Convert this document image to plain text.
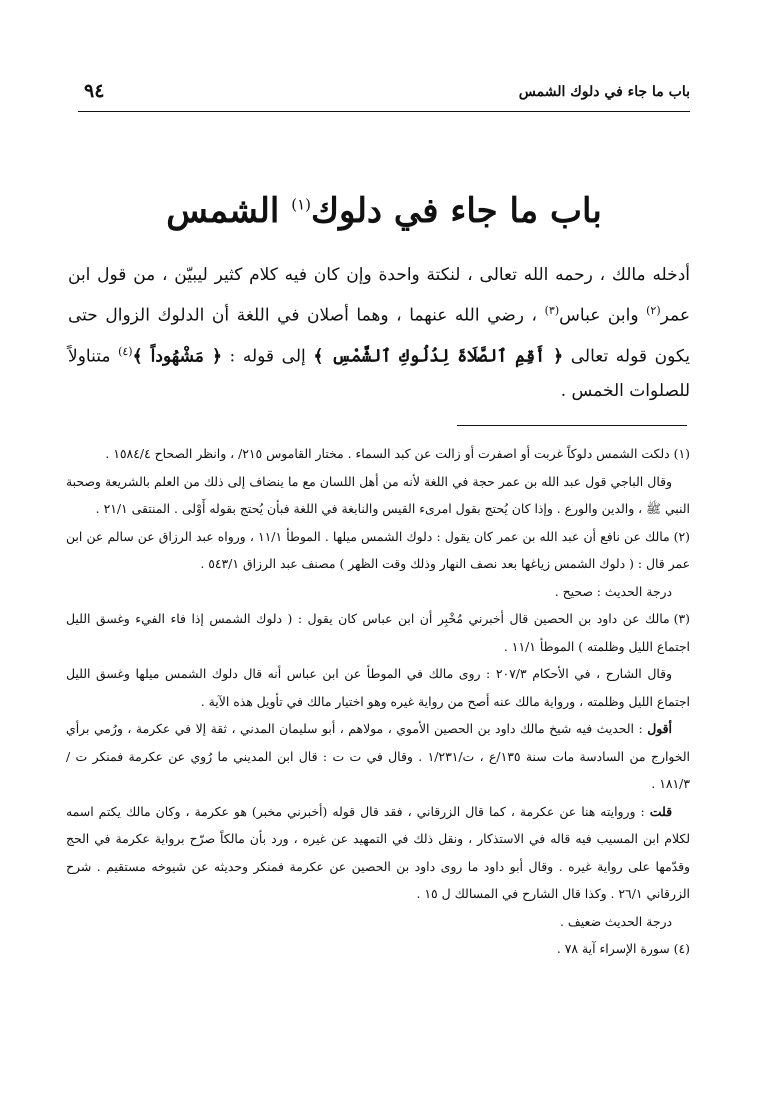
باب ما جاء في دلوك الشمس
٩٤
باب ما جاء في دلوك$^{(١)}$ الشمس

أدخله مالك ، رحمه الله تعالى ، لنكتة واحدة وإن كان فيه كلام كثير ليبيّن ، من قول ابن عمر$^{(٢)}$ وابن عباس$^{(٣)}$ ، رضي الله عنهما ، وهما أصلان في اللغة أن الدلوك الزوال حتى يكون قوله تعالى ﴿ أَقِمِ ٱلصَّلَاةَ لِدُلُوكِ ٱلشَّمْسِ ﴾ إلى قوله : ﴿ مَشْهُوداً ﴾$^{(٤)}$ متناولاً للصلوات الخمس .

(١)دلكت الشمس دلوكاً غربت أو اصفرت أو زالت عن كبد السماء . مختار القاموس ٢١٥/ ، وانظر الصحاح ١٥٨٤/٤ .

وقال الباجي قول عبد الله بن عمر حجة في اللغة لأنه من أهل اللسان مع ما ينضاف إلى ذلك من العلم بالشريعة وصحبة النبي ﷺ ، والدين والورع . وإذا كان يُحتج بقول امرىء القيس والنابغة في اللغة فبأن يُحتج بقوله أَوْلى . المنتقى ٢١/١ .

(٢)مالك عن نافع أن عبد الله بن عمر كان يقول : دلوك الشمس ميلها . الموطأ ١١/١ ، ورواه عبد الرزاق عن سالم عن ابن عمر قال : ( دلوك الشمس زياغها بعد نصف النهار وذلك وقت الظهر ) مصنف عبد الرزاق ٥٤٣/١ .

درجة الحديث : صحيح .

(٣)مالك عن داود بن الحصين قال أخبرني مُخْبِر أن ابن عباس كان يقول : ( دلوك الشمس إذا فاء الفيء وغسق الليل اجتماع الليل وظلمته ) الموطأ ١١/١ .

وقال الشارح ، في الأحكام ٢٠٧/٣ : روى مالك في الموطأ عن ابن عباس أنه قال دلوك الشمس ميلها وغسق الليل اجتماع الليل وظلمته ، ورواية مالك عنه أصح من رواية غيره وهو اختيار مالك في تأويل هذه الآية .

أقول : الحديث فيه شيخ مالك داود بن الحصين الأموي ، مولاهم ، أبو سليمان المدني ، ثقة إلا في عكرمة ، ورُمي برأي الخوارج من السادسة مات سنة ١٣٥/ع ، ت/١/٢٣١ . وقال في ت ت : قال ابن المديني ما رُوي عن عكرمة فمنكر ت / ١٨١/٣ .

قلت : وروايته هنا عن عكرمة ، كما قال الزرقاني ، فقد قال قوله (أخبرني مخبر) هو عكرمة ، وكان مالك يكتم اسمه لكلام ابن المسيب فيه قاله في الاستذكار ، ونقل ذلك في التمهيد عن غيره ، ورد بأن مالكاً صرّح برواية عكرمة في الحج وقدّمها على رواية غيره . وقال أبو داود ما روى داود بن الحصين عن عكرمة فمنكر وحديثه عن شيوخه مستقيم . شرح الزرقاني ٢٦/١ . وكذا قال الشارح في المسالك ل ١٥ .

درجة الحديث ضعيف .

(٤)سورة الإسراء آية ٧٨ .
